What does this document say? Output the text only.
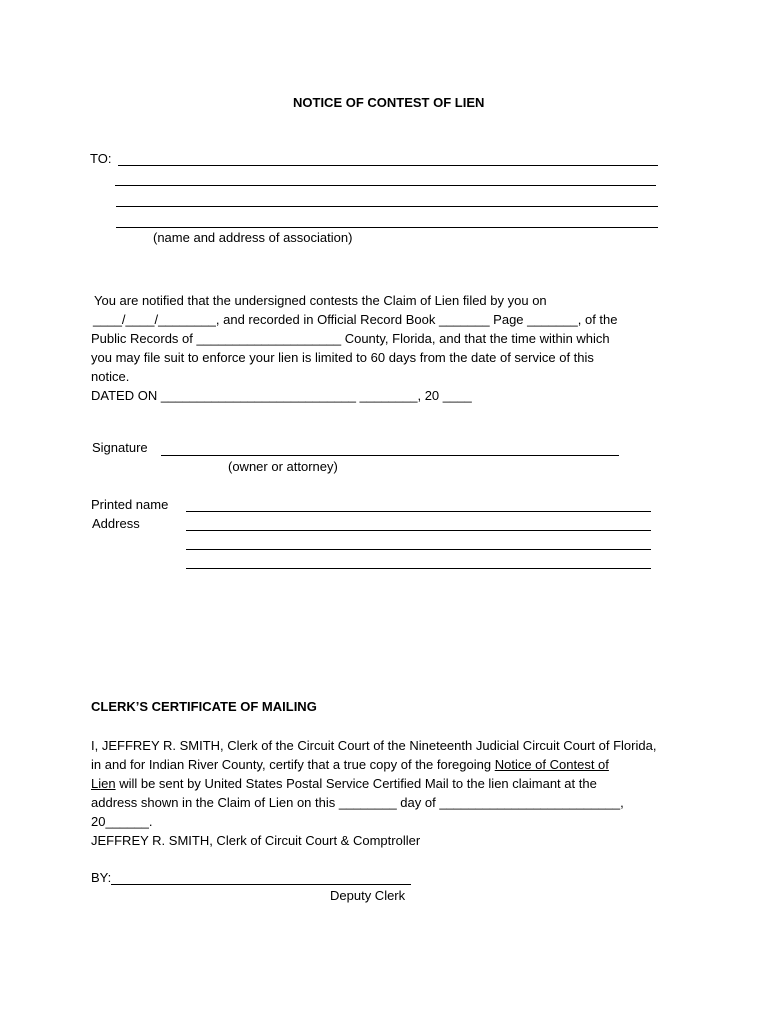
NOTICE OF CONTEST OF LIEN
TO:
(name and address of association)
You are notified that the undersigned contests the Claim of Lien filed by you on
____/____/________, and recorded in Official Record Book _______ Page _______, of the
Public Records of ____________________ County, Florida, and that the time within which
you may file suit to enforce your lien is limited to 60 days from the date of service of this
notice.
DATED ON ___________________________ ________, 20 ____
Signature
(owner or attorney)
Printed name
Address
CLERK’S CERTIFICATE OF MAILING
I, JEFFREY R. SMITH, Clerk of the Circuit Court of the Nineteenth Judicial Circuit Court of Florida,
in and for Indian River County, certify that a true copy of the foregoing Notice of Contest of
Lien will be sent by United States Postal Service Certified Mail to the lien claimant at the
address shown in the Claim of Lien on this ________ day of _________________________,
20______.
JEFFREY R. SMITH, Clerk of Circuit Court & Comptroller
BY:
Deputy Clerk
